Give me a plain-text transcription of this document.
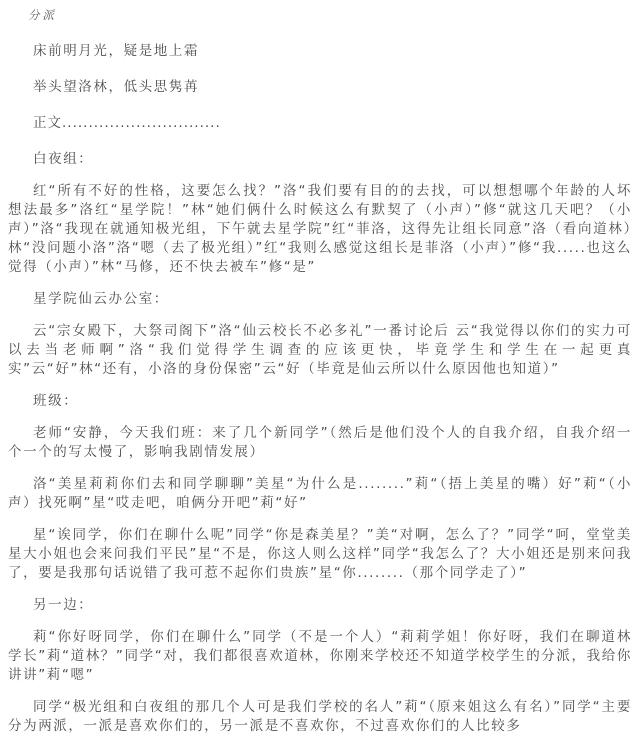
分派

床前明月光，疑是地上霜

举头望洛林，低头思隽苒

正文..............................

白夜组：

红“所有不好的性格，这要怎么找？”洛“我们要有目的的去找，可以想想哪个年龄的人坏想法最多”洛红“星学院！”林“她们俩什么时候这么有默契了（小声）”修“就这几天吧？（小声）”洛“我现在就通知极光组，下午就去星学院”红“菲洛，这得先让组长同意”洛（看向道林）林“没问题小洛”洛“嗯（去了极光组）”红“我则么感觉这组长是菲洛（小声）”修“我.....也这么觉得（小声）”林“马修，还不快去被车”修“是”

星学院仙云办公室：

云“宗女殿下，大祭司阁下”洛“仙云校长不必多礼”一番讨论后 云“我觉得以你们的实力可以去当老师啊”洛“我们觉得学生调查的应该更快，毕竟学生和学生在一起更真实”云“好”林“还有，小洛的身份保密”云“好（毕竟是仙云所以什么原因他也知道）”

班级：

老师“安静，今天我们班：来了几个新同学”（然后是他们没个人的自我介绍，自我介绍一个一个的写太慢了，影响我剧情发展）

洛“美星莉莉你们去和同学聊聊”美星“为什么是........”莉“（捂上美星的嘴）好”莉“（小声）找死啊”星“哎走吧，咱俩分开吧”莉“好”

星“诶同学，你们在聊什么呢”同学“你是森美星？”美“对啊，怎么了？”同学“呵，堂堂美星大小姐也会来问我们平民”星“不是，你这人则么这样”同学“我怎么了？大小姐还是别来问我了，要是我那句话说错了我可惹不起你们贵族”星“你........（那个同学走了）”

另一边：

莉“你好呀同学，你们在聊什么”同学（不是一个人）“莉莉学姐！你好呀，我们在聊道林学长”莉“道林？”同学“对，我们都很喜欢道林，你刚来学校还不知道学校学生的分派，我给你讲讲”莉“嗯”

同学“极光组和白夜组的那几个人可是我们学校的名人”莉“（原来姐这么有名）”同学“主要分为两派，一派是喜欢你们的，另一派是不喜欢你，不过喜欢你们的人比较多
